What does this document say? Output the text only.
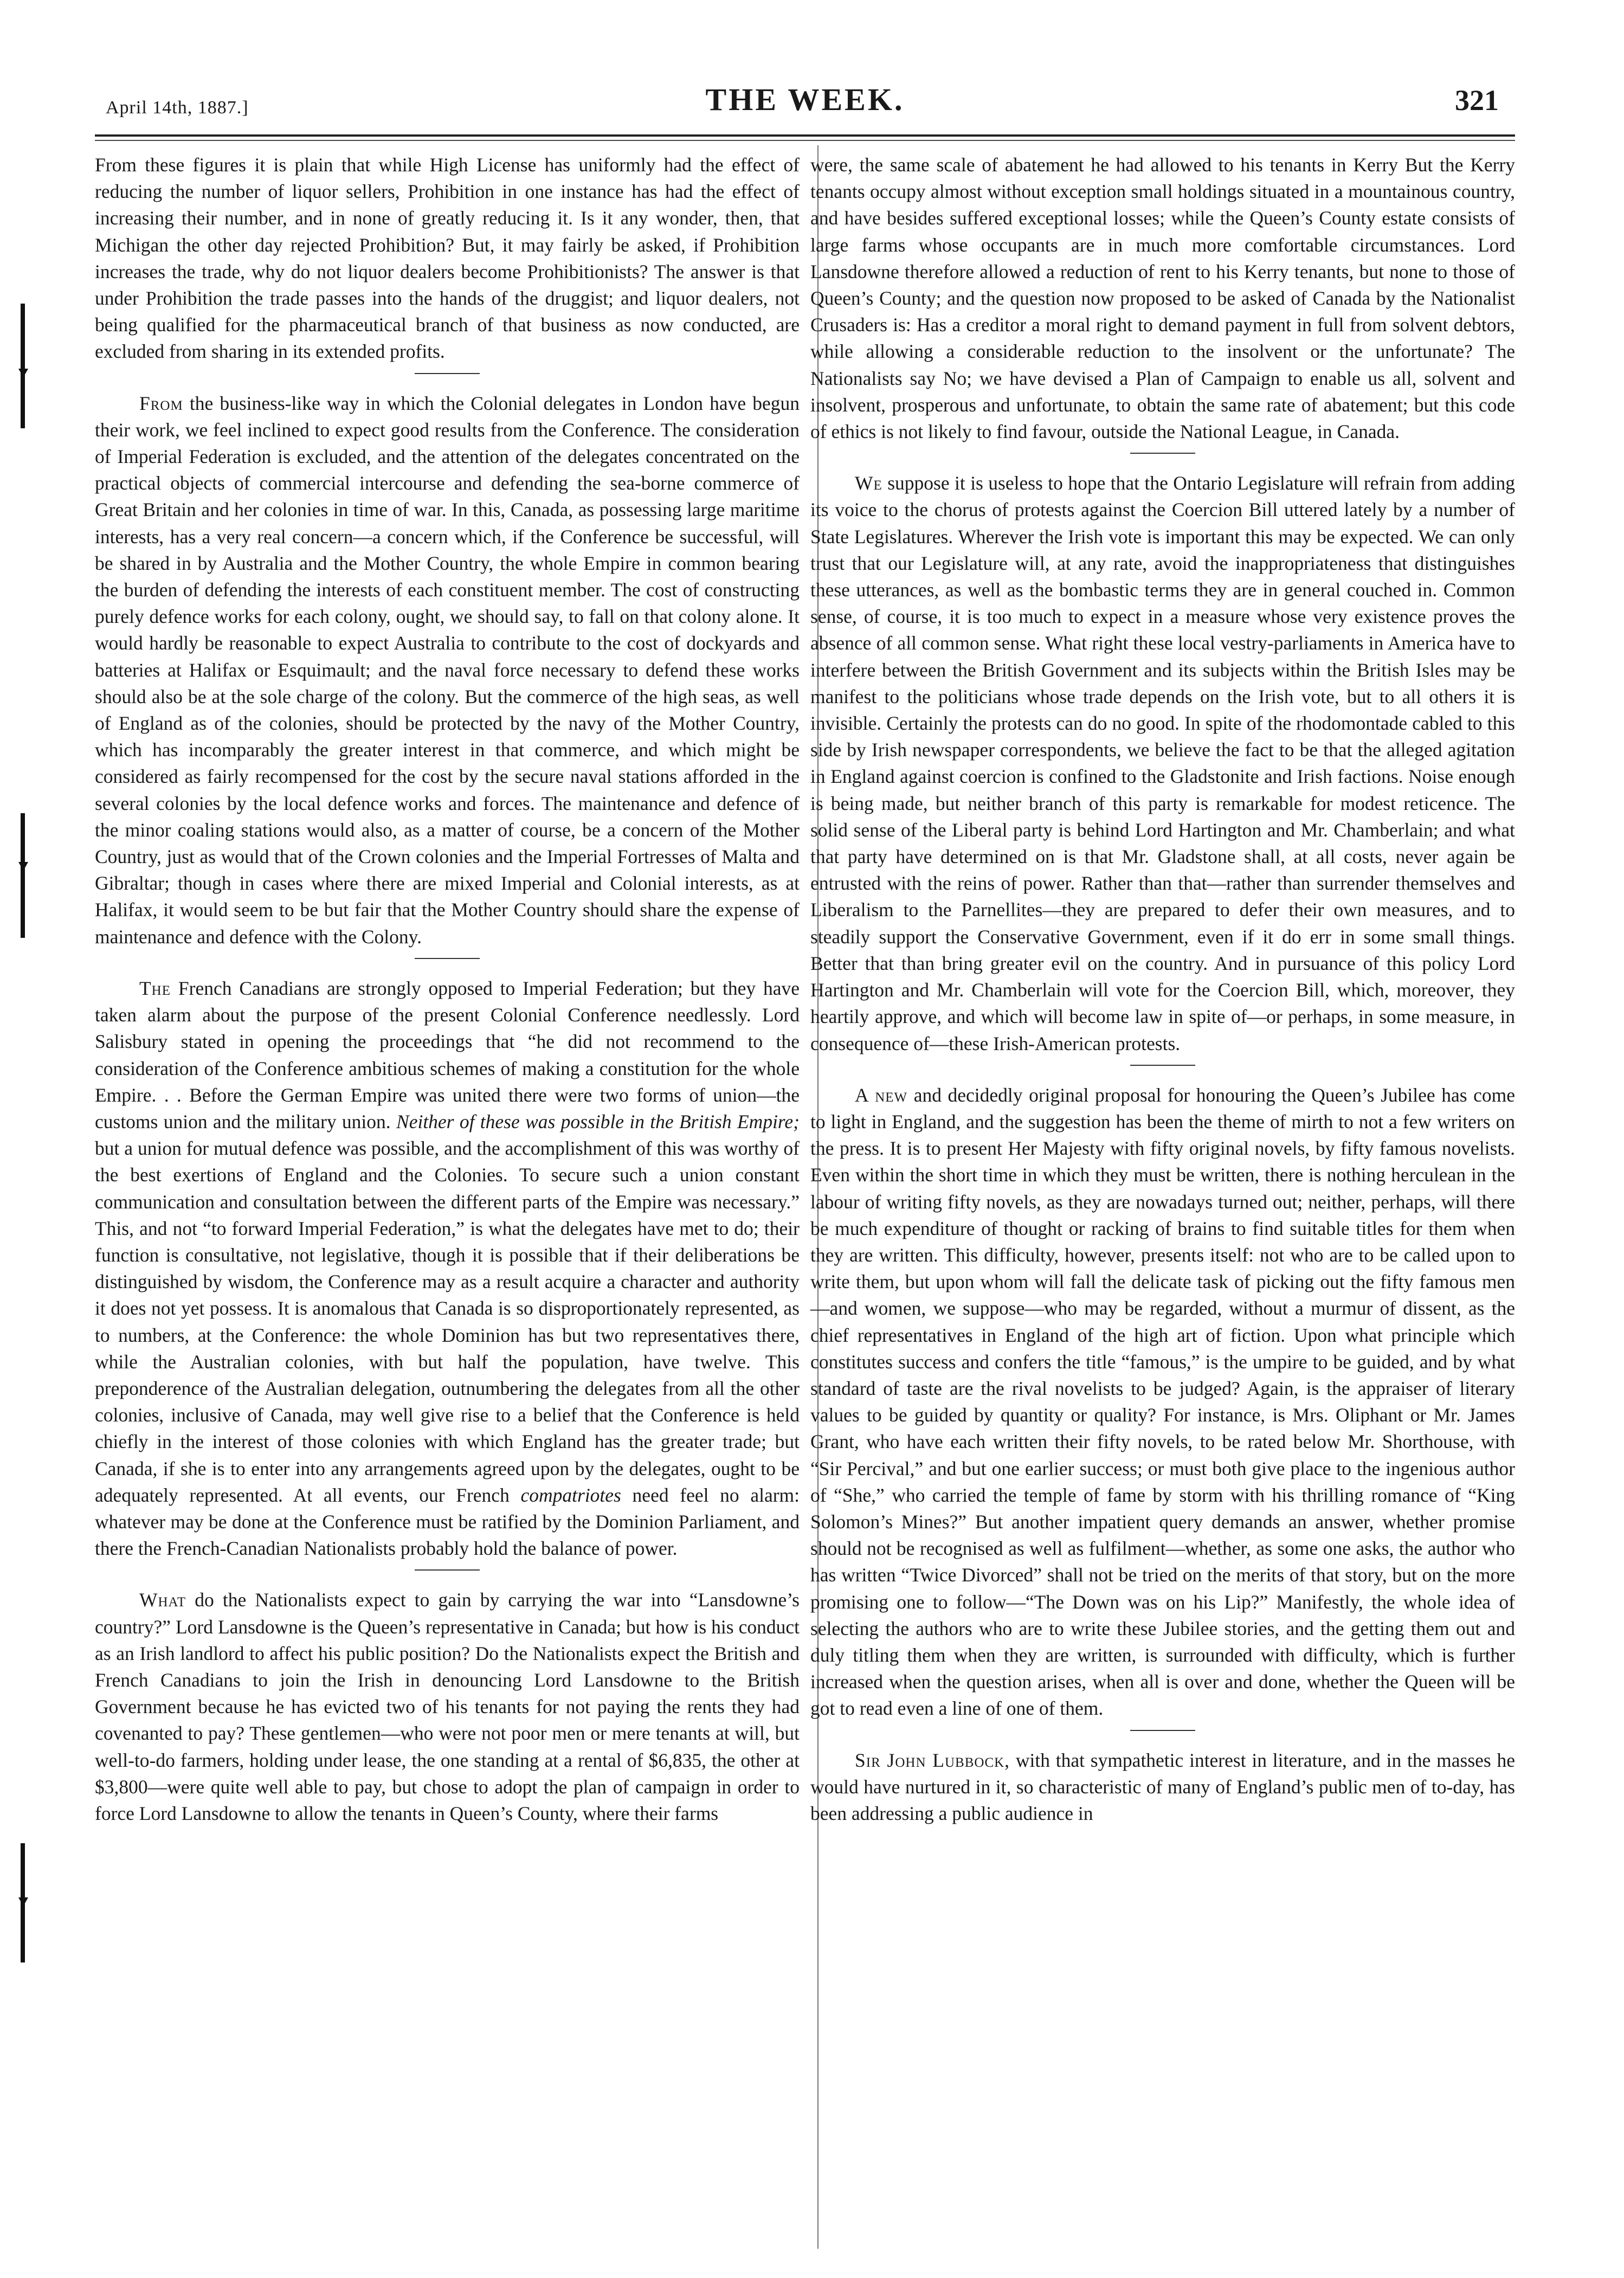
April 14th, 1887.]	THE WEEK.	321

From these figures it is plain that while High License has uniformly had the effect of reducing the number of liquor sellers, Prohibition in one instance has had the effect of increasing their number, and in none of greatly reducing it. Is it any wonder, then, that Michigan the other day rejected Prohibition? But, it may fairly be asked, if Prohibition increases the trade, why do not liquor dealers become Prohibitionists? The answer is that under Prohibition the trade passes into the hands of the druggist; and liquor dealers, not being qualified for the pharmaceutical branch of that business as now conducted, are excluded from sharing in its extended profits.

From the business-like way in which the Colonial delegates in London have begun their work, we feel inclined to expect good results from the Conference. The consideration of Imperial Federation is excluded, and the attention of the delegates concentrated on the practical objects of commercial intercourse and defending the sea-borne commerce of Great Britain and her colonies in time of war. In this, Canada, as possessing large maritime interests, has a very real concern—a concern which, if the Conference be successful, will be shared in by Australia and the Mother Country, the whole Empire in common bearing the burden of defending the interests of each constituent member. The cost of constructing purely defence works for each colony, ought, we should say, to fall on that colony alone. It would hardly be reasonable to expect Australia to contribute to the cost of dockyards and batteries at Halifax or Esquimault; and the naval force necessary to defend these works should also be at the sole charge of the colony. But the commerce of the high seas, as well of England as of the colonies, should be protected by the navy of the Mother Country, which has incomparably the greater interest in that commerce, and which might be considered as fairly recompensed for the cost by the secure naval stations afforded in the several colonies by the local defence works and forces. The maintenance and defence of the minor coaling stations would also, as a matter of course, be a concern of the Mother Country, just as would that of the Crown colonies and the Imperial Fortresses of Malta and Gibraltar; though in cases where there are mixed Imperial and Colonial interests, as at Halifax, it would seem to be but fair that the Mother Country should share the expense of maintenance and defence with the Colony.

The French Canadians are strongly opposed to Imperial Federation; but they have taken alarm about the purpose of the present Colonial Conference needlessly. Lord Salisbury stated in opening the proceedings that “he did not recommend to the consideration of the Conference ambitious schemes of making a constitution for the whole Empire. . . Before the German Empire was united there were two forms of union—the customs union and the military union. Neither of these was possible in the British Empire; but a union for mutual defence was possible, and the accomplishment of this was worthy of the best exertions of England and the Colonies. To secure such a union constant communication and consultation between the different parts of the Empire was necessary.” This, and not “to forward Imperial Federation,” is what the delegates have met to do; their function is consultative, not legislative, though it is possible that if their deliberations be distinguished by wisdom, the Conference may as a result acquire a character and authority it does not yet possess. It is anomalous that Canada is so disproportionately represented, as to numbers, at the Conference: the whole Dominion has but two representatives there, while the Australian colonies, with but half the population, have twelve. This preponderence of the Australian delegation, outnumbering the delegates from all the other colonies, inclusive of Canada, may well give rise to a belief that the Conference is held chiefly in the interest of those colonies with which England has the greater trade; but Canada, if she is to enter into any arrangements agreed upon by the delegates, ought to be adequately represented. At all events, our French compatriotes need feel no alarm: whatever may be done at the Conference must be ratified by the Dominion Parliament, and there the French-Canadian Nationalists probably hold the balance of power.

What do the Nationalists expect to gain by carrying the war into “Lansdowne’s country?” Lord Lansdowne is the Queen’s representative in Canada; but how is his conduct as an Irish landlord to affect his public position? Do the Nationalists expect the British and French Canadians to join the Irish in denouncing Lord Lansdowne to the British Government because he has evicted two of his tenants for not paying the rents they had covenanted to pay? These gentlemen—who were not poor men or mere tenants at will, but well-to-do farmers, holding under lease, the one standing at a rental of $6,835, the other at $3,800—were quite well able to pay, but chose to adopt the plan of campaign in order to force Lord Lansdowne to allow the tenants in Queen’s County, where their farms

were, the same scale of abatement he had allowed to his tenants in Kerry But the Kerry tenants occupy almost without exception small holdings situated in a mountainous country, and have besides suffered exceptional losses; while the Queen’s County estate consists of large farms whose occupants are in much more comfortable circumstances. Lord Lansdowne therefore allowed a reduction of rent to his Kerry tenants, but none to those of Queen’s County; and the question now proposed to be asked of Canada by the Nationalist Crusaders is: Has a creditor a moral right to demand payment in full from solvent debtors, while allowing a considerable reduction to the insolvent or the unfortunate? The Nationalists say No; we have devised a Plan of Campaign to enable us all, solvent and insolvent, prosperous and unfortunate, to obtain the same rate of abatement; but this code of ethics is not likely to find favour, outside the National League, in Canada.

We suppose it is useless to hope that the Ontario Legislature will refrain from adding its voice to the chorus of protests against the Coercion Bill uttered lately by a number of State Legislatures. Wherever the Irish vote is important this may be expected. We can only trust that our Legislature will, at any rate, avoid the inappropriateness that distinguishes these utterances, as well as the bombastic terms they are in general couched in. Common sense, of course, it is too much to expect in a measure whose very existence proves the absence of all common sense. What right these local vestry-parliaments in America have to interfere between the British Government and its subjects within the British Isles may be manifest to the politicians whose trade depends on the Irish vote, but to all others it is invisible. Certainly the protests can do no good. In spite of the rhodomontade cabled to this side by Irish newspaper correspondents, we believe the fact to be that the alleged agitation in England against coercion is confined to the Gladstonite and Irish factions. Noise enough is being made, but neither branch of this party is remarkable for modest reticence. The solid sense of the Liberal party is behind Lord Hartington and Mr. Chamberlain; and what that party have determined on is that Mr. Gladstone shall, at all costs, never again be entrusted with the reins of power. Rather than that—rather than surrender themselves and Liberalism to the Parnellites—they are prepared to defer their own measures, and to steadily support the Conservative Government, even if it do err in some small things. Better that than bring greater evil on the country. And in pursuance of this policy Lord Hartington and Mr. Chamberlain will vote for the Coercion Bill, which, moreover, they heartily approve, and which will become law in spite of—or perhaps, in some measure, in consequence of—these Irish-American protests.

A new and decidedly original proposal for honouring the Queen’s Jubilee has come to light in England, and the suggestion has been the theme of mirth to not a few writers on the press. It is to present Her Majesty with fifty original novels, by fifty famous novelists. Even within the short time in which they must be written, there is nothing herculean in the labour of writing fifty novels, as they are nowadays turned out; neither, perhaps, will there be much expenditure of thought or racking of brains to find suitable titles for them when they are written. This difficulty, however, presents itself: not who are to be called upon to write them, but upon whom will fall the delicate task of picking out the fifty famous men—and women, we suppose—who may be regarded, without a murmur of dissent, as the chief representatives in England of the high art of fiction. Upon what principle which constitutes success and confers the title “famous,” is the umpire to be guided, and by what standard of taste are the rival novelists to be judged? Again, is the appraiser of literary values to be guided by quantity or quality? For instance, is Mrs. Oliphant or Mr. James Grant, who have each written their fifty novels, to be rated below Mr. Shorthouse, with “Sir Percival,” and but one earlier success; or must both give place to the ingenious author of “She,” who carried the temple of fame by storm with his thrilling romance of “King Solomon’s Mines?” But another impatient query demands an answer, whether promise should not be recognised as well as fulfilment—whether, as some one asks, the author who has written “Twice Divorced” shall not be tried on the merits of that story, but on the more promising one to follow—“The Down was on his Lip?” Manifestly, the whole idea of selecting the authors who are to write these Jubilee stories, and the getting them out and duly titling them when they are written, is surrounded with difficulty, which is further increased when the question arises, when all is over and done, whether the Queen will be got to read even a line of one of them.

Sir John Lubbock, with that sympathetic interest in literature, and in the masses he would have nurtured in it, so characteristic of many of England’s public men of to-day, has been addressing a public audience in
